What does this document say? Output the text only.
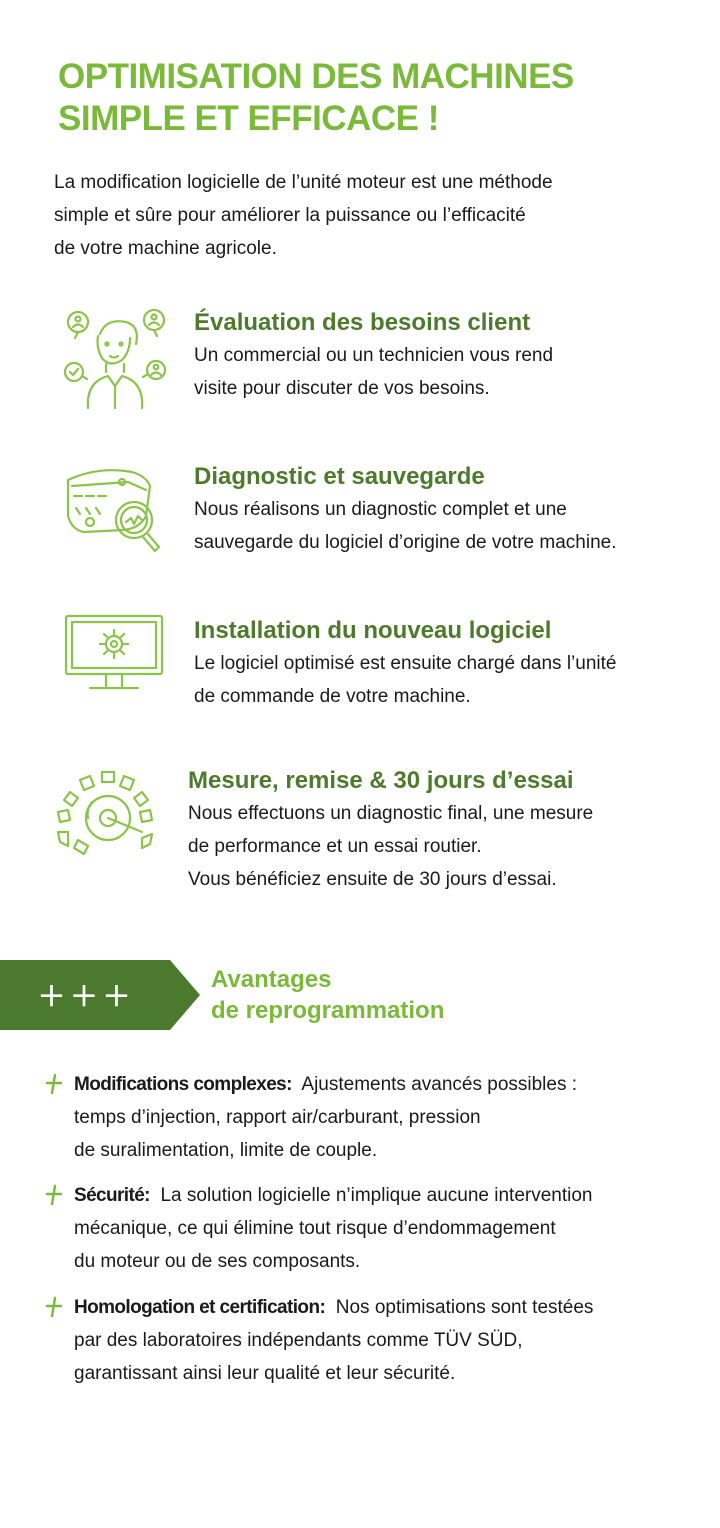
OPTIMISATION DES MACHINES
SIMPLE ET EFFICACE !
La modification logicielle de l’unité moteur est une méthode
simple et sûre pour améliorer la puissance ou l’efficacité
de votre machine agricole.
Évaluation des besoins client
Un commercial ou un technicien vous rend
visite pour discuter de vos besoins.
Diagnostic et sauvegarde
Nous réalisons un diagnostic complet et une
sauvegarde du logiciel d’origine de votre machine.
Installation du nouveau logiciel
Le logiciel optimisé est ensuite chargé dans l’unité
de commande de votre machine.
Mesure, remise & 30 jours d’essai
Nous effectuons un diagnostic final, une mesure
de performance et un essai routier.
Vous bénéficiez ensuite de 30 jours d’essai.
+++	Avantages
de reprogrammation
Modifications complexes: Ajustements avancés possibles :
temps d’injection, rapport air/carburant, pression
de suralimentation, limite de couple.
Sécurité: La solution logicielle n’implique aucune intervention
mécanique, ce qui élimine tout risque d’endommagement
du moteur ou de ses composants.
Homologation et certification: Nos optimisations sont testées
par des laboratoires indépendants comme TÜV SÜD,
garantissant ainsi leur qualité et leur sécurité.
